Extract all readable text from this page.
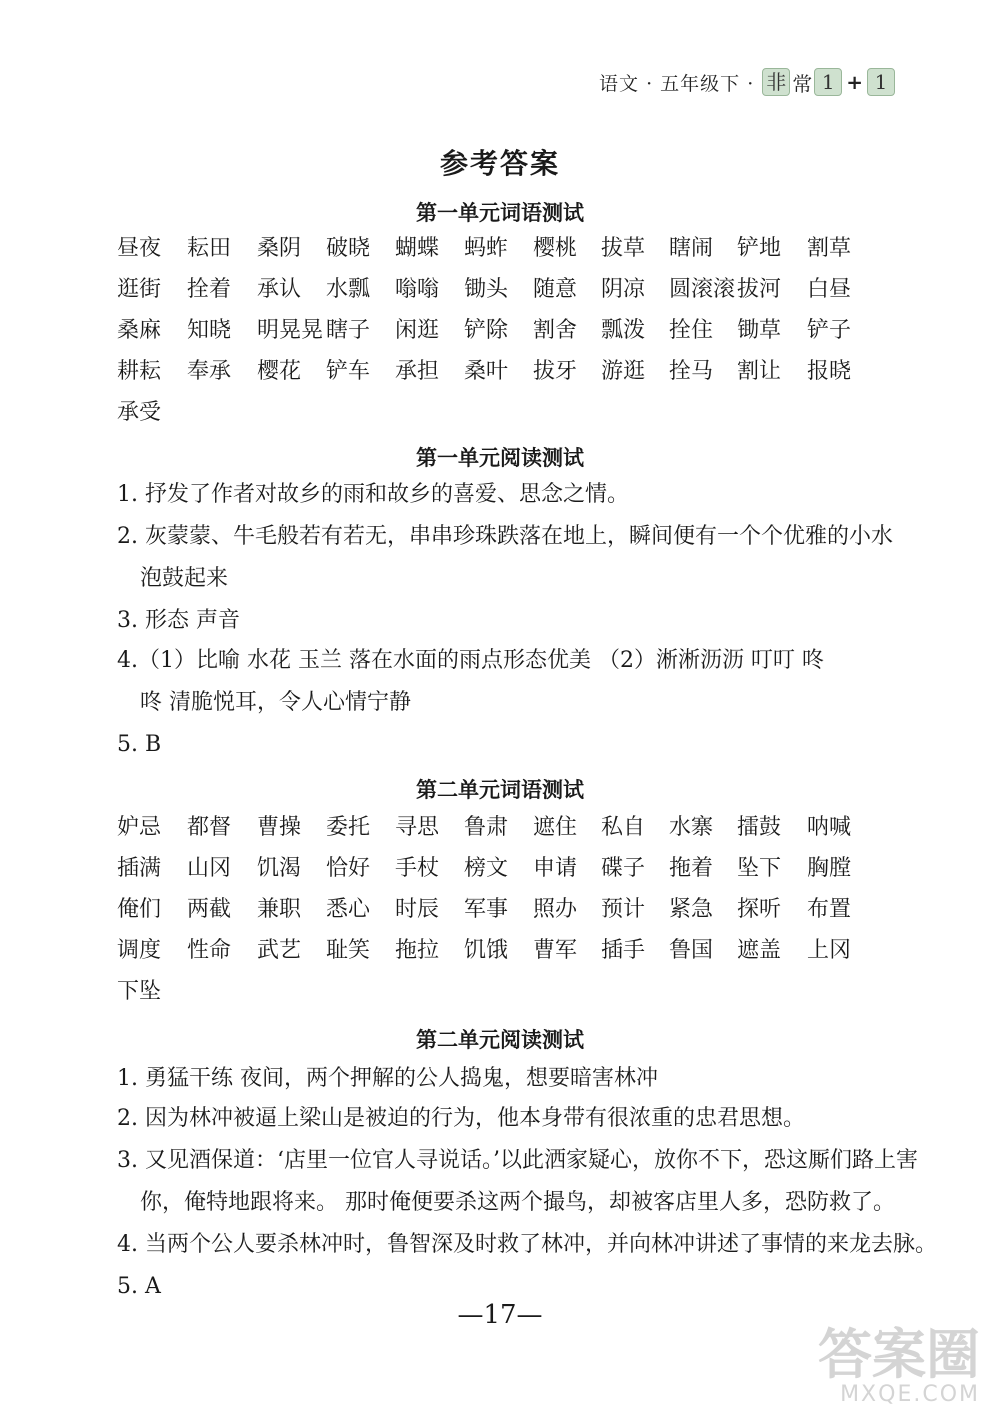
语文 · 五年级下 · 非 常 1 + 1
参考答案
第一单元词语测试
昼夜 耘田 桑阴 破晓 蝴蝶 蚂蚱 樱桃 拔草 瞎闹 铲地 割草
逛街 拴着 承认 水瓢 嗡嗡 锄头 随意 阴凉 圆滚滚 拔河 白昼
桑麻 知晓 明晃晃 瞎子 闲逛 铲除 割舍 瓢泼 拴住 锄草 铲子
耕耘 奉承 樱花 铲车 承担 桑叶 拔牙 游逛 拴马 割让 报晓
承受
第一单元阅读测试
1. 抒发了作者对故乡的雨和故乡的喜爱、思念之情。
2. 灰蒙蒙、牛毛般若有若无，串串珍珠跌落在地上，瞬间便有一个个优雅的小水
泡鼓起来
3. 形态 声音
4.（1）比喻 水花 玉兰 落在水面的雨点形态优美 （2）淅淅沥沥 叮叮 咚
咚 清脆悦耳，令人心情宁静
5. B
第二单元词语测试
妒忌 都督 曹操 委托 寻思 鲁肃 遮住 私自 水寨 擂鼓 呐喊
插满 山冈 饥渴 恰好 手杖 榜文 申请 碟子 拖着 坠下 胸膛
俺们 两截 兼职 悉心 时辰 军事 照办 预计 紧急 探听 布置
调度 性命 武艺 耻笑 拖拉 饥饿 曹军 插手 鲁国 遮盖 上冈
下坠
第二单元阅读测试
1. 勇猛干练 夜间，两个押解的公人捣鬼，想要暗害林冲
2. 因为林冲被逼上梁山是被迫的行为，他本身带有很浓重的忠君思想。
3. 又见酒保道：‘店里一位官人寻说话。’以此洒家疑心，放你不下，恐这厮们路上害
你，俺特地跟将来。 那时俺便要杀这两个撮鸟，却被客店里人多，恐防救了。
4. 当两个公人要杀林冲时，鲁智深及时救了林冲，并向林冲讲述了事情的来龙去脉。
5. A
—17—
答案圈
MXQE.COM
